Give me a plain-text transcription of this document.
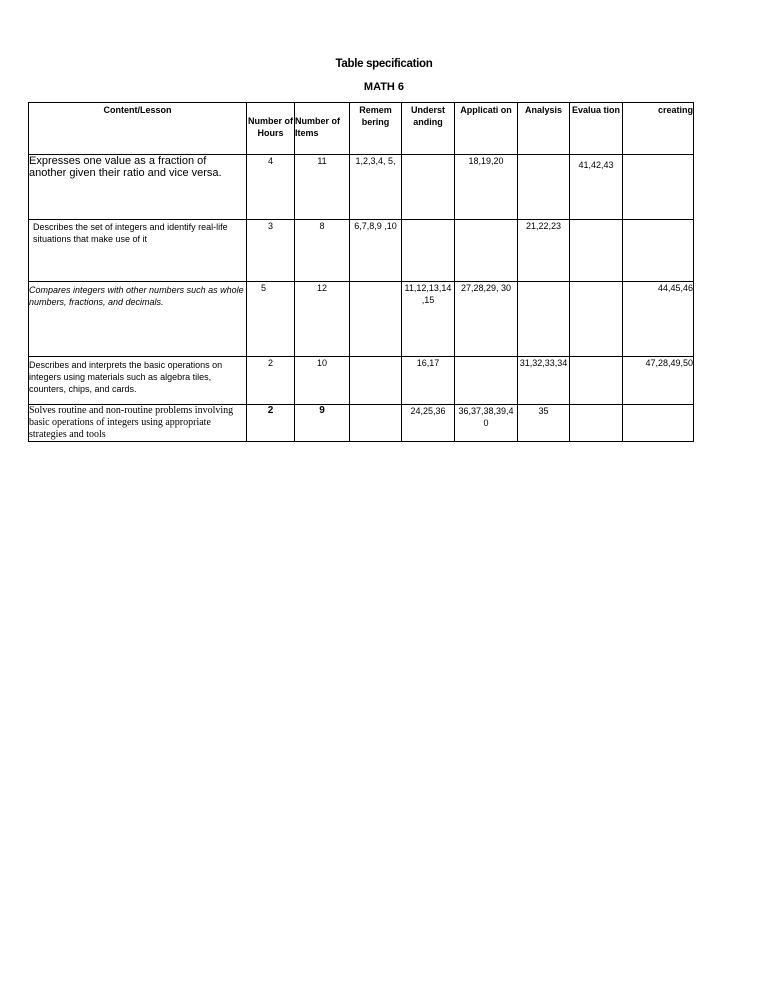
Table specification
MATH 6
Content/Lesson	Number of Hours	Number of Items	Remem bering	Underst anding	Applicati on	Analysis	Evalua tion	creating
Expresses one value as a fraction of another given their ratio and vice versa.	4	11	1,2,3,4, 5,		18,19,20		41,42,43	
Describes the set of integers and identify real-life situations that make use of it	3	8	6,7,8,9 ,10			21,22,23		
Compares integers with other numbers such as whole numbers, fractions, and decimals.	5	12		11,12,13,14 ,15	27,28,29, 30			44,45,46
Describes and interprets the basic operations on integers using materials such as algebra tiles, counters, chips, and cards.	2	10		16,17		31,32,33,34		47,28,49,50
Solves routine and non-routine problems involving basic operations of integers using appropriate strategies and tools	2	9		24,25,36	36,37,38,39,4 0	35		
